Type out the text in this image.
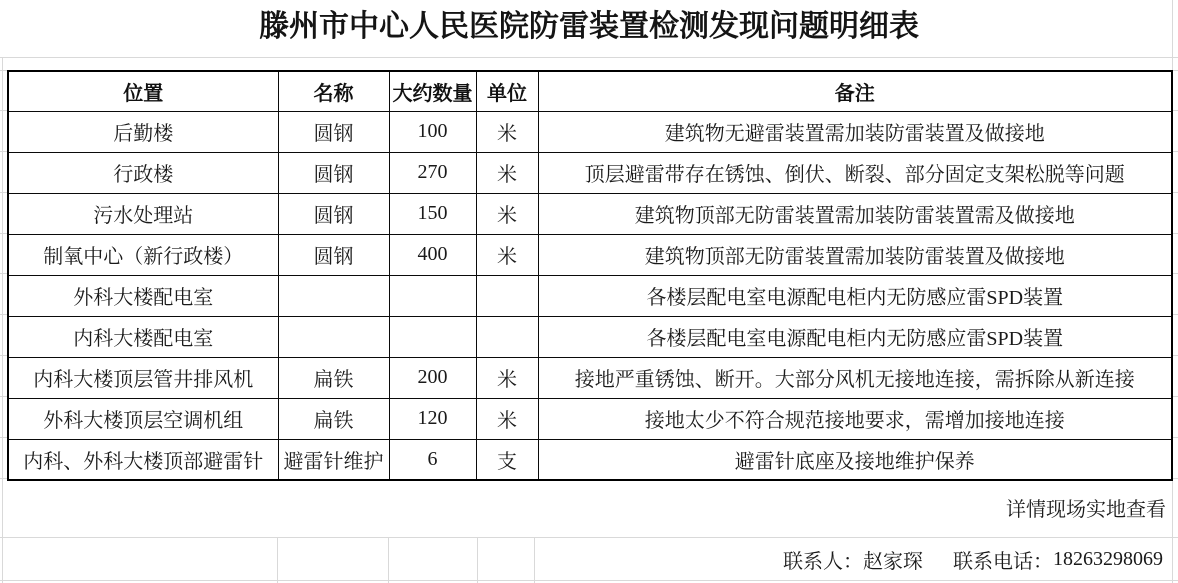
滕州市中心人民医院防雷装置检测发现问题明细表
位置	名称	大约数量	单位	备注
后勤楼	圆钢	100	米	建筑物无避雷装置需加装防雷装置及做接地
行政楼	圆钢	270	米	顶层避雷带存在锈蚀、倒伏、断裂、部分固定支架松脱等问题
污水处理站	圆钢	150	米	建筑物顶部无防雷装置需加装防雷装置需及做接地
制氧中心（新行政楼）	圆钢	400	米	建筑物顶部无防雷装置需加装防雷装置及做接地
外科大楼配电室				各楼层配电室电源配电柜内无防感应雷SPD装置
内科大楼配电室				各楼层配电室电源配电柜内无防感应雷SPD装置
内科大楼顶层管井排风机	扁铁	200	米	接地严重锈蚀、断开。大部分风机无接地连接，需拆除从新连接
外科大楼顶层空调机组	扁铁	120	米	接地太少不符合规范接地要求，需增加接地连接
内科、外科大楼顶部避雷针	避雷针维护	6	支	避雷针底座及接地维护保养
详情现场实地查看
联系人： 赵家琛 联系电话： 18263298069
